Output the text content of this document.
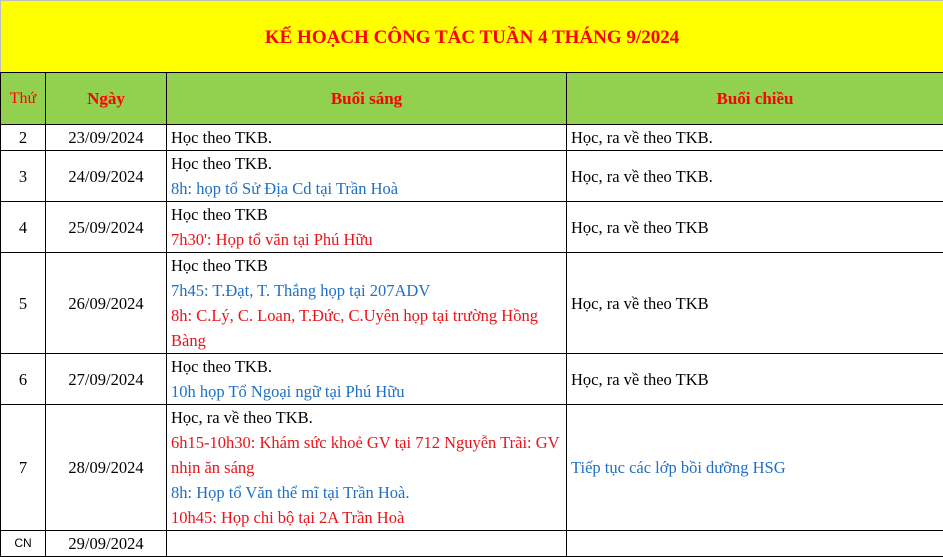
KẾ HOẠCH CÔNG TÁC TUẦN 4 THÁNG 9/2024			
Thứ	Ngày	Buổi sáng	Buổi chiều
2	23/09/2024	Học theo TKB.	Học, ra về theo TKB.

3	24/09/2024	Học theo TKB.
8h: họp tổ Sử Địa Cd tại Trần Hoà	Học, ra về theo TKB.

4	25/09/2024	Học theo TKB
7h30': Họp tổ văn tại Phú Hữu	Học, ra về theo TKB

5	26/09/2024	Học theo TKB
7h45: T.Đạt, T. Thắng họp tại 207ADV
8h: C.Lý, C. Loan, T.Đức, C.Uyên họp tại trường Hồng Bàng	Học, ra về theo TKB

6	27/09/2024	Học theo TKB.
10h họp Tổ Ngoại ngữ tại Phú Hữu	Học, ra về theo TKB

7	28/09/2024	Học, ra về theo TKB.
6h15-10h30: Khám sức khoẻ GV tại 712 Nguyễn Trãi: GV nhịn ăn sáng
8h: Họp tổ Văn thể mĩ tại Trần Hoà.
10h45: Họp chi bộ tại 2A Trần Hoà	Tiếp tục các lớp bồi dưỡng HSG

CN	29/09/2024		
